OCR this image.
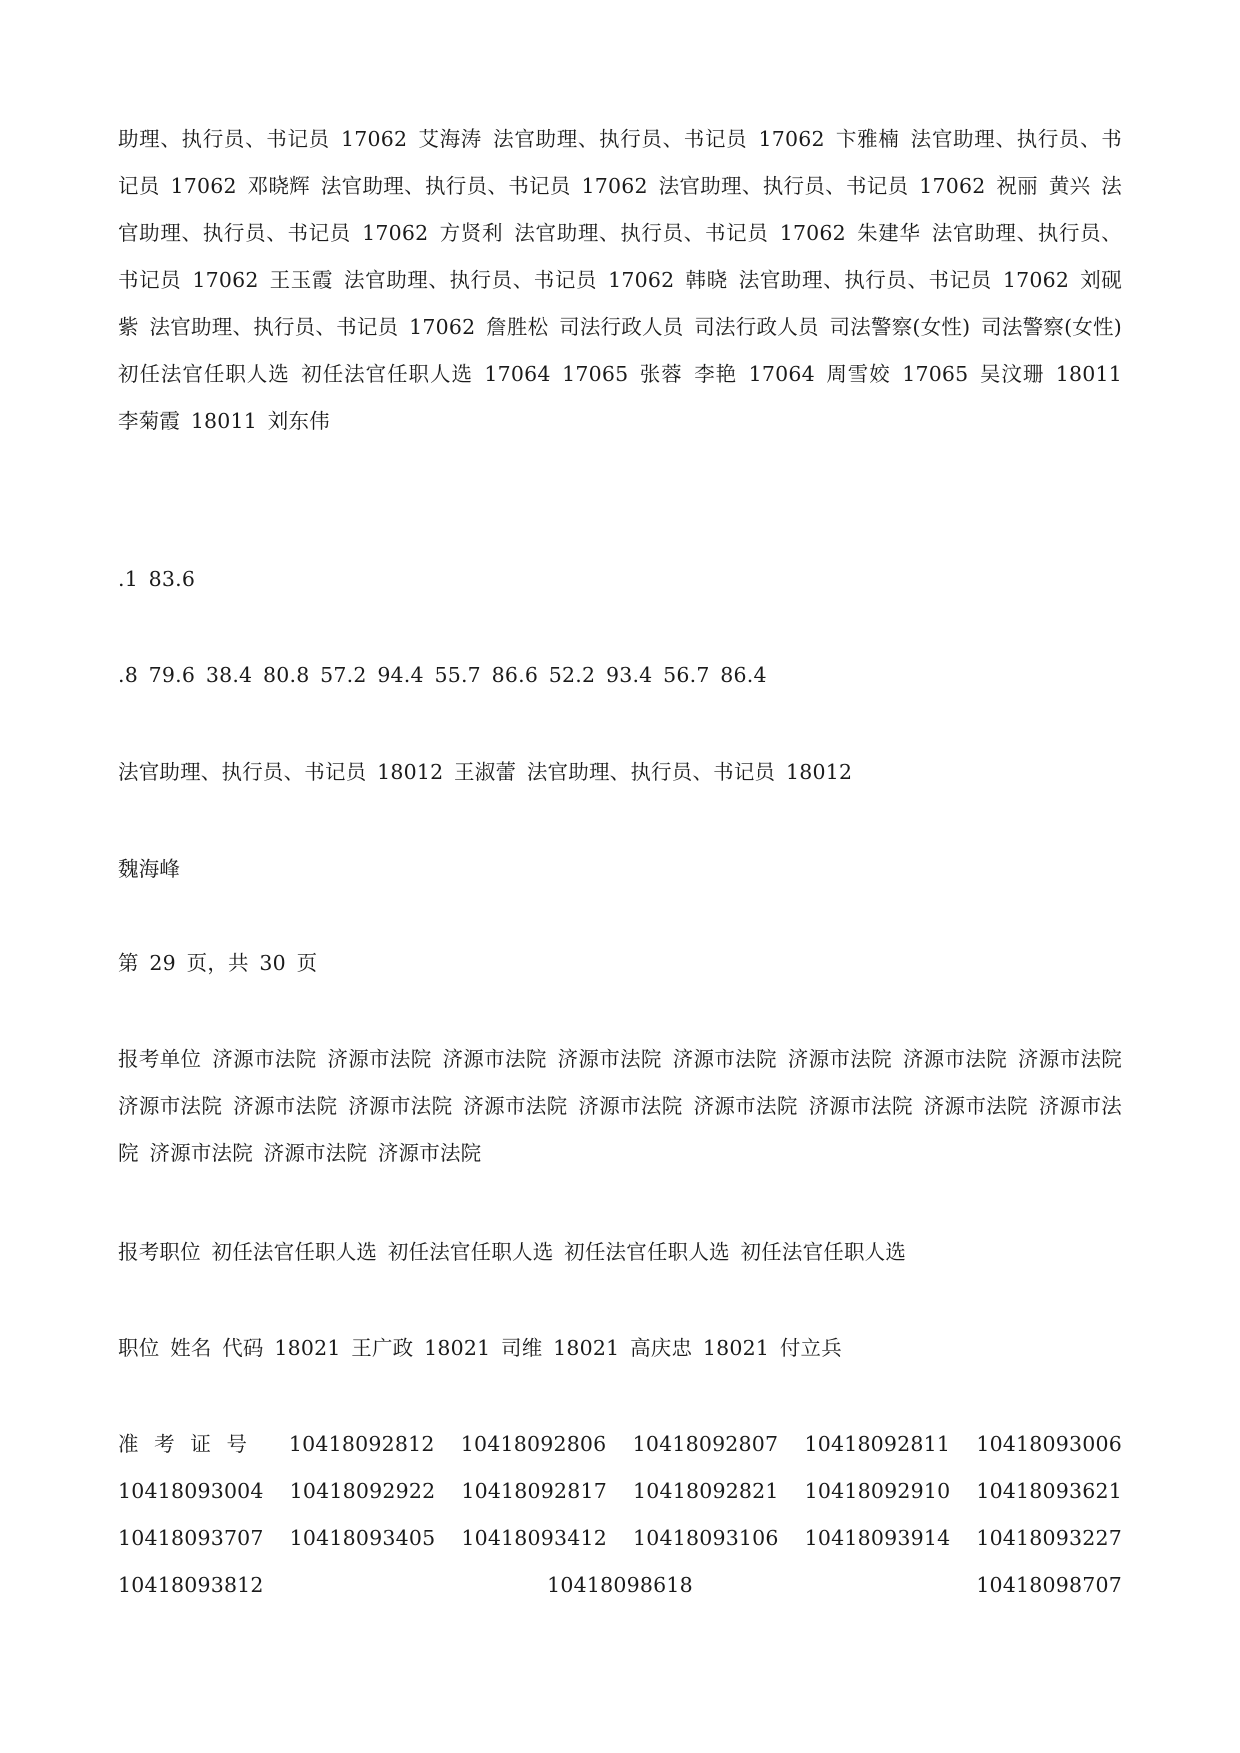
助理、执行员、书记员 17062 艾海涛 法官助理、执行员、书记员 17062 卞雅楠 法官助理、执行员、书记员 17062 邓晓辉 法官助理、执行员、书记员 17062 法官助理、执行员、书记员 17062 祝丽 黄兴 法官助理、执行员、书记员 17062 方贤利 法官助理、执行员、书记员 17062 朱建华 法官助理、执行员、书记员 17062 王玉霞 法官助理、执行员、书记员 17062 韩晓 法官助理、执行员、书记员 17062 刘砚紫 法官助理、执行员、书记员 17062 詹胜松 司法行政人员 司法行政人员 司法警察(女性) 司法警察(女性) 初任法官任职人选 初任法官任职人选 17064 17065 张蓉 李艳 17064 周雪姣 17065 吴汶珊 18011 李菊霞 18011 刘东伟

.1 83.6

.8 79.6 38.4 80.8 57.2 94.4 55.7 86.6 52.2 93.4 56.7 86.4

法官助理、执行员、书记员 18012 王淑蕾 法官助理、执行员、书记员 18012

魏海峰

第 29 页，共 30 页

报考单位 济源市法院 济源市法院 济源市法院 济源市法院 济源市法院 济源市法院 济源市法院 济源市法院 济源市法院 济源市法院 济源市法院 济源市法院 济源市法院 济源市法院 济源市法院 济源市法院 济源市法院 济源市法院 济源市法院 济源市法院

报考职位 初任法官任职人选 初任法官任职人选 初任法官任职人选 初任法官任职人选

职位 姓名 代码 18021 王广政 18021 司维 18021 高庆忠 18021 付立兵

准考证号 10418092812 10418092806 10418092807 10418092811 10418093006 10418093004 10418092922 10418092817 10418092821 10418092910 10418093621 10418093707 10418093405 10418093412 10418093106 10418093914 10418093227 10418093812 10418098618 10418098707
